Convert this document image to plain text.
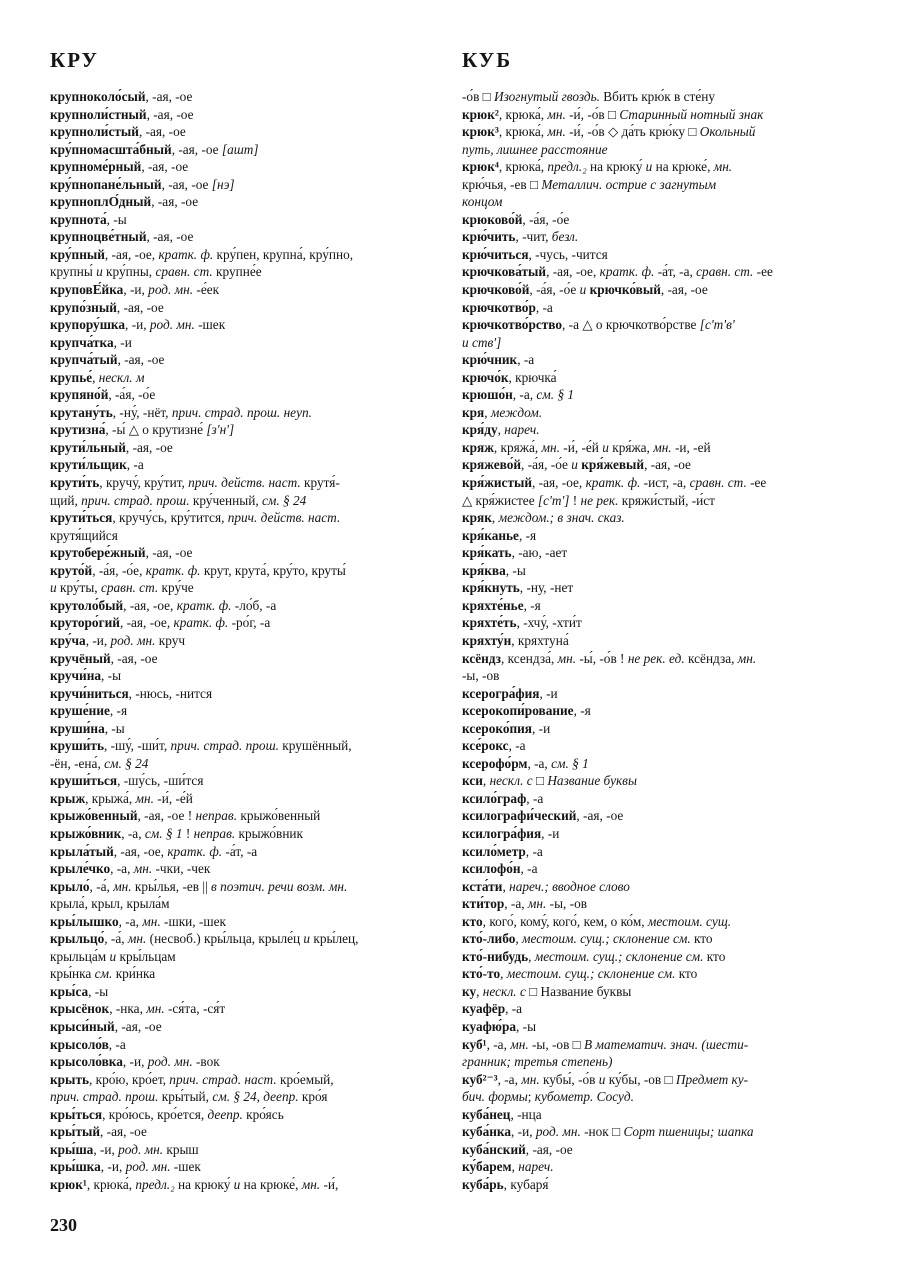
КРУ	КУБ
крупноколо́сый, -ая, -ое
крупноли́стный, -ая, -ое
крупноли́стый, -ая, -ое
кру́пномасшта́бный, -ая, -ое [ашт]
крупноме́рный, -ая, -ое
кру́пнопане́льный, -ая, -ое [нэ]
крупноплО́дный, -ая, -ое
крупнота́, -ы
крупноцве́тный, -ая, -ое
кру́пный, -ая, -ое, кратк. ф. кру́пен, крупна́, кру́пно,
крупны́ и кру́пны, сравн. ст. крупне́е
круповЕ́йка, -и, род. мн. -е́ек
крупо́зный, -ая, -ое
крупору́шка, -и, род. мн. -шек
крупча́тка, -и
крупча́тый, -ая, -ое
крупье́, нескл. м
крупяно́й, -а́я, -о́е
крутану́ть, -ну́, -нёт, прич. страд. прош. неуп.
крутизна́, -ы́ △ о крутизне́ [з'н']
крути́льный, -ая, -ое
крути́льщик, -а
крути́ть, кручу́, кру́тит, прич. действ. наст. крутя́-
щий, прич. страд. прош. кру́ченный, см. § 24
крути́ться, кручу́сь, кру́тится, прич. действ. наст.
крутя́щийся
крутобере́жный, -ая, -ое
круто́й, -а́я, -о́е, кратк. ф. крут, крута́, кру́то, круты́
и кру́ты, сравн. ст. кру́че
крутоло́бый, -ая, -ое, кратк. ф. -ло́б, -а
круторо́гий, -ая, -ое, кратк. ф. -ро́г, -а
кру́ча, -и, род. мн. круч
кручёный, -ая, -ое
кручи́на, -ы
кручи́ниться, -нюсь, -нится
круше́ние, -я
круши́на, -ы
круши́ть, -шу́, -ши́т, прич. страд. прош. крушённый,
-ён, -ена́, см. § 24
круши́ться, -шу́сь, -ши́тся
крыж, крыжа́, мн. -и́, -е́й
крыжо́венный, -ая, -ое ! неправ. крыжо́венный
крыжо́вник, -а, см. § 1 ! неправ. крыжо́вник
крыла́тый, -ая, -ое, кратк. ф. -а́т, -а
крыле́чко, -а, мн. -чки, -чек
крыло́, -а́, мн. кры́лья, -ев || в поэтич. речи возм. мн.
крыла́, крыл, крыла́м
кры́лышко, -а, мн. -шки, -шек
крыльцо́, -а́, мн. (несвоб.) кры́льца, крыле́ц и кры́лец,
крыльца́м и кры́льцам
кры́нка см. кри́нка
кры́са, -ы
крысёнок, -нка, мн. -ся́та, -ся́т
крыси́ный, -ая, -ое
крысоло́в, -а
крысоло́вка, -и, род. мн. -вок
крыть, кро́ю, кро́ет, прич. страд. наст. кро́емый,
прич. страд. прош. кры́тый, см. § 24, деепр. кро́я
кры́ться, кро́юсь, кро́ется, деепр. кро́ясь
кры́тый, -ая, -ое
кры́ша, -и, род. мн. крыш
кры́шка, -и, род. мн. -шек
крюк¹, крюка́, предл.₂ на крюку́ и на крюке́, мн. -и́,
-о́в □ Изогнутый гвоздь. Вбить крю́к в сте́ну
крюк², крюка́, мн. -и́, -о́в □ Старинный нотный знак
крюк³, крюка́, мн. -и́, -о́в ◇ да́ть крю́ку □ Окольный
путь, лишнее расстояние
крюк⁴, крюка́, предл.₂ на крюку́ и на крюке́, мн.
крю́чья, -ев □ Металлич. острие с загнутым
концом
крюково́й, -а́я, -о́е
крю́чить, -чит, безл.
крю́читься, -чусь, -чится
крючкова́тый, -ая, -ое, кратк. ф. -а́т, -а, сравн. ст. -ее
крючково́й, -а́я, -о́е и крючко́вый, -ая, -ое
крючкотво́р, -а
крючкотво́рство, -а △ о крючкотво́рстве [с'т'в'
и ств']
крю́чник, -а
крючо́к, крючка́
крюшо́н, -а, см. § 1
кря, междом.
кря́ду, нареч.
кряж, кряжа́, мн. -и́, -е́й и кря́жа, мн. -и, -ей
кряжево́й, -а́я, -о́е и кря́жевый, -ая, -ое
кря́жистый, -ая, -ое, кратк. ф. -ист, -а, сравн. ст. -ее
△ кря́жистее [с'т'] ! не рек. кряжи́стый, -и́ст
кряк, междом.; в знач. сказ.
кря́канье, -я
кря́кать, -аю, -ает
кря́ква, -ы
кря́кнуть, -ну, -нет
кряхте́нье, -я
кряхте́ть, -хчу́, -хти́т
кряхту́н, кряхтуна́
ксёндз, ксендза́, мн. -ы́, -о́в ! не рек. ед. ксёндза, мн.
-ы, -ов
ксерогра́фия, -и
ксерокопи́рование, -я
ксероко́пия, -и
ксе́рокс, -а
ксерофо́рм, -а, см. § 1
кси, нескл. с □ Название буквы
ксило́граф, -а
ксилографи́ческий, -ая, -ое
ксилогра́фия, -и
ксило́метр, -а
ксилофо́н, -а
кста́ти, нареч.; вводное слово
кти́тор, -а, мн. -ы, -ов
кто, кого́, кому́, кого́, кем, о ко́м, местоим. сущ.
кто́-либо, местоим. сущ.; склонение см. кто
кто́-нибудь, местоим. сущ.; склонение см. кто
кто́-то, местоим. сущ.; склонение см. кто
ку, нескл. с □ Название буквы
куафёр, -а
куафю́ра, -ы
куб¹, -а, мн. -ы, -ов □ В математич. знач. (шести-
гранник; третья степень)
куб²⁻³, -а, мн. кубы́, -о́в и ку́бы, -ов □ Предмет ку-
бич. формы; кубометр. Сосуд.
куба́нец, -нца
куба́нка, -и, род. мн. -нок □ Сорт пшеницы; шапка
куба́нский, -ая, -ое
ку́барем, нареч.
куба́рь, кубаря́
230
